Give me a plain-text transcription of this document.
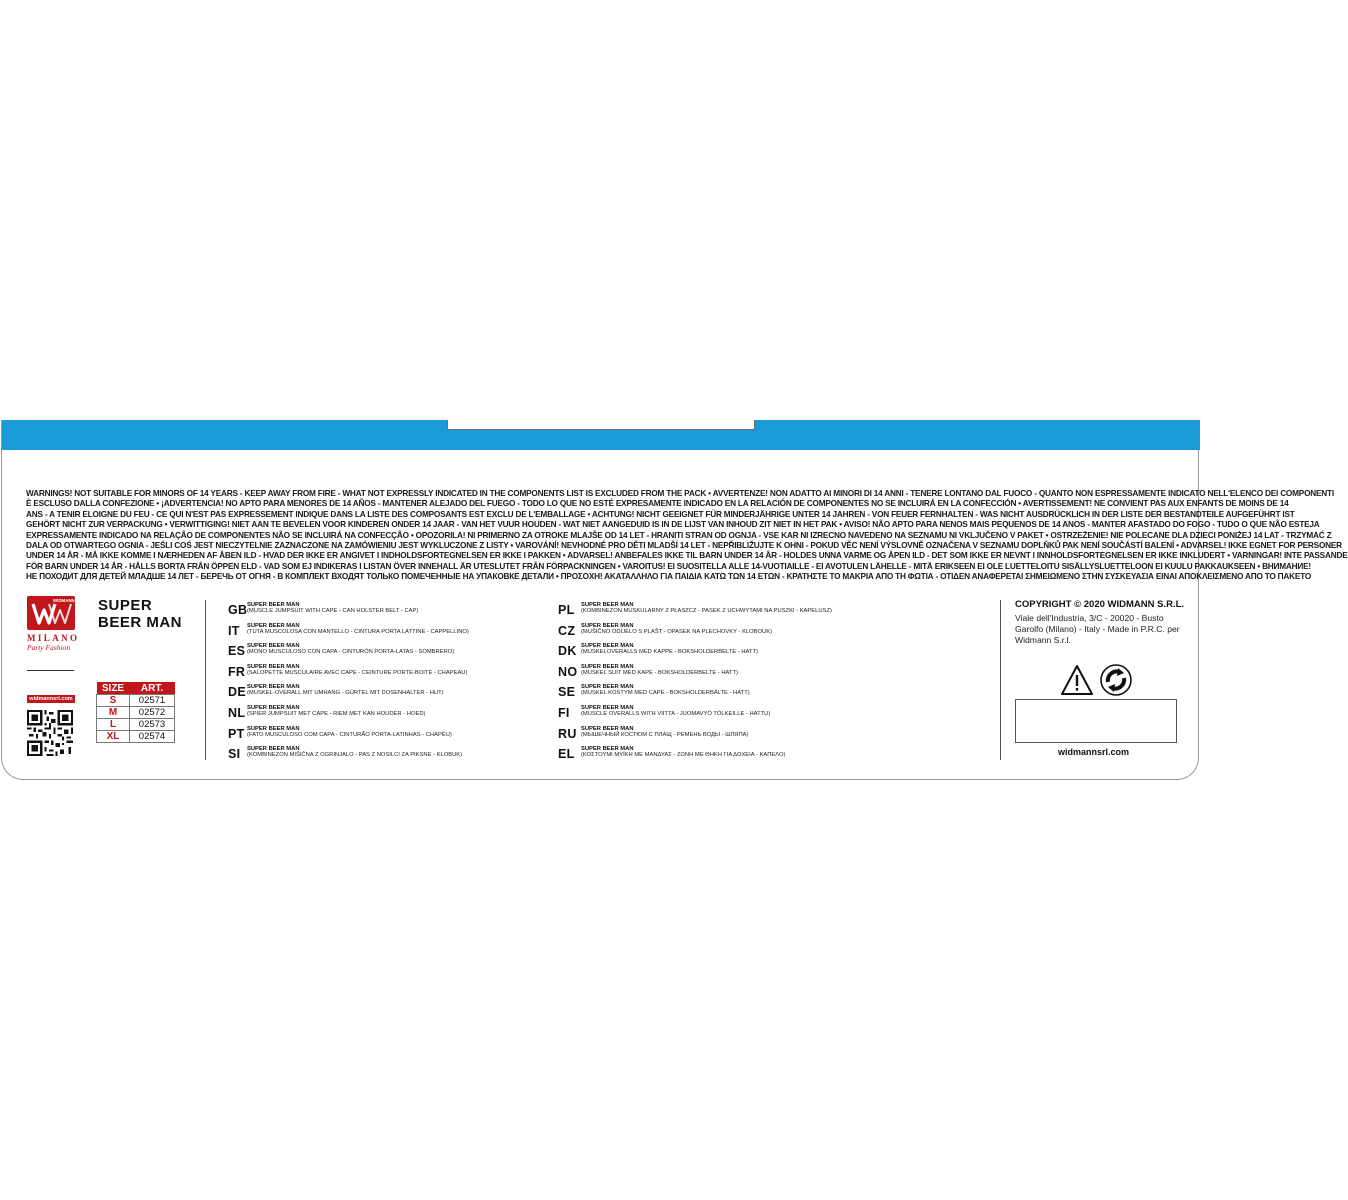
WARNINGS! NOT SUITABLE FOR MINORS OF 14 YEARS - KEEP AWAY FROM FIRE - WHAT NOT EXPRESSLY INDICATED IN THE COMPONENTS LIST IS EXCLUDED FROM THE PACK • AVVERTENZE! NON ADATTO AI MINORI DI 14 ANNI - TENERE LONTANO DAL FUOCO - QUANTO NON ESPRESSAMENTE INDICATO NELL'ELENCO DEI COMPONENTI
È ESCLUSO DALLA CONFEZIONE • ¡ADVERTENCIA! NO APTO PARA MENORES DE 14 AÑOS - MANTENER ALEJADO DEL FUEGO - TODO LO QUE NO ESTÉ EXPRESAMENTE INDICADO EN LA RELACIÓN DE COMPONENTES NO SE INCLUIRÁ EN LA CONFECCIÓN • AVERTISSEMENT! NE CONVIENT PAS AUX ENFANTS DE MOINS DE 14
ANS - A TENIR ELOIGNE DU FEU - CE QUI N'EST PAS EXPRESSEMENT INDIQUE DANS LA LISTE DES COMPOSANTS EST EXCLU DE L'EMBALLAGE • ACHTUNG! NICHT GEEIGNET FÜR MINDERJÄHRIGE UNTER 14 JAHREN - VON FEUER FERNHALTEN - WAS NICHT AUSDRÜCKLICH IN DER LISTE DER BESTANDTEILE AUFGEFÜHRT IST
GEHÖRT NICHT ZUR VERPACKUNG • VERWITTIGING! NIET AAN TE BEVELEN VOOR KINDEREN ONDER 14 JAAR - VAN HET VUUR HOUDEN - WAT NIET AANGEDUID IS IN DE LIJST VAN INHOUD ZIT NIET IN HET PAK • AVISO! NÃO APTO PARA NENOS MAIS PEQUENOS DE 14 ANOS - MANTER AFASTADO DO FOGO - TUDO O QUE NÃO ESTEJA
EXPRESSAMENTE INDICADO NA RELAÇÃO DE COMPONENTES NÃO SE INCLUIRÁ NA CONFECÇÃO • OPOZORILA! NI PRIMERNO ZA OTROKE MLAJŠE OD 14 LET - HRANITI STRAN OD OGNJA - VSE KAR NI IZRECNO NAVEDENO NA SEZNAMU NI VKLJUČENO V PAKET • OSTRZEŻENIE! NIE POLECANE DLA DZIECI PONIŻEJ 14 LAT - TRZYMAĆ Z
DALA OD OTWARTEGO OGNIA - JEŚLI COŚ JEST NIECZYTELNIE ZAZNACZONE NA ZAMÓWIENIU JEST WYKLUCZONE Z LISTY • VAROVÁNÍ! NEVHODNÉ PRO DĚTI MLADŠÍ 14 LET - NEPŘIBLIŽUJTE K OHNI - POKUD VĚC NENÍ VÝSLOVNĚ OZNAČENA V SEZNAMU DOPLŇKŮ PAK NENÍ SOUČÁSTÍ BALENÍ • ADVARSEL! IKKE EGNET FOR PERSONER
UNDER 14 ÅR - MÅ IKKE KOMME I NÆRHEDEN AF ÅBEN ILD - HVAD DER IKKE ER ANGIVET I INDHOLDSFORTEGNELSEN ER IKKE I PAKKEN • ADVARSEL! ANBEFALES IKKE TIL BARN UNDER 14 ÅR - HOLDES UNNA VARME OG ÅPEN ILD - DET SOM IKKE ER NEVNT I INNHOLDSFORTEGNELSEN ER IKKE INKLUDERT • VARNINGAR! INTE PASSANDE
FÖR BARN UNDER 14 ÅR - HÅLLS BORTA FRÅN ÖPPEN ELD - VAD SOM EJ INDIKERAS I LISTAN ÖVER INNEHALL ÄR UTESLUTET FRÅN FÖRPACKNINGEN • VAROITUS! EI SUOSITELLA ALLE 14-VUOTIAILLE - EI AVOTULEN LÄHELLE - MITÄ ERIKSEEN EI OLE LUETTELOITU SISÄLLYSLUETTELOON EI KUULU PAKKAUKSEEN • ВНИМАНИЕ!
НЕ ПОХОДИТ ДЛЯ ДЕТЕЙ МЛАДШЕ 14 ЛЕТ - БЕРЕЧЬ ОТ ОГНЯ - В КОМПЛЕКТ ВХОДЯТ ТОЛЬКО ПОМЕЧЕННЫЕ НА УПАКОВКЕ ДЕТАЛИ • ΠΡΟΣΟΧΗ! ΑΚΑΤΑΛΛΗΛΟ ΓΙΑ ΠΑΙΔΙΑ ΚΑΤΩ ΤΩΝ 14 ΕΤΩΝ - ΚΡΑΤΗΣΤΕ ΤΟ ΜΑΚΡΙΑ ΑΠΟ ΤΗ ΦΩΤΙΑ - ΟΤΙΔΕΝ ΑΝΑΦΕΡΕΤΑΙ ΣΗΜΕΙΩΜΕΝΟ ΣΤΗΝ ΣΥΣΚΕΥΑΣΙΑ ΕΙΝΑΙ ΑΠΟΚΛΕΙΣΜΕΝΟ ΑΠΟ ΤΟ ΠΑΚΕΤΟ
WIDMANN
MILANO
Party Fashion
widmannsrl.com
SUPER
BEER MAN
SIZE	ART.
S	02571
M	02572
L	02573
XL	02574
GB SUPER BEER MAN
(MUSCLE JUMPSUIT WITH CAPE - CAN HOLSTER BELT - CAP)
IT SUPER BEER MAN
(TUTA MUSCOLOSA CON MANTELLO - CINTURA PORTA LATTINE - CAPPELLINO)
ES SUPER BEER MAN
(MONO MUSCULOSO CON CAPA - CINTURÓN PORTA-LATAS - SOMBRERO)
FR SUPER BEER MAN
(SALOPETTE MUSCULAIRE AVEC CAPE - CEINTURE PORTE-BOITE - CHAPEAU)
DE SUPER BEER MAN
(MUSKEL-OVERALL MIT UMHANG - GÜRTEL MIT DOSENHALTER - HUT)
NL SUPER BEER MAN
(SPIER JUMPSUIT MET CAPE - RIEM MET KAN HOUDER - HOED)
PT SUPER BEER MAN
(FATO MUSCULOSO COM CAPA - CINTURÃO PORTA-LATINHAS - CHAPÉU)
SI SUPER BEER MAN
(KOMBINEZON MIŠIČNA Z OGRINJALO - PAS Z NOSILCI ZA PIKSNE - KLOBUK)
PL SUPER BEER MAN
(KOMBINEZON MUSKULARNY Z PŁASZCZ - PASEK Z UCHWYTAMI NA PUSZKI - KAPELUSZ)
CZ SUPER BEER MAN
(MUŠIČNO ODIJELO S PLAŠT - OPASEK NA PLECHOVKY - KLOBOUK)
DK SUPER BEER MAN
(MUSKELOVERALLS MED KAPPE - BOKSHOLDERBELTE - HATT)
NO SUPER BEER MAN
(MUSKEL SUIT MED KAPE - BOKSHOLDERBELTE - HATT)
SE SUPER BEER MAN
(MUSKEL KOSTYM MED CAPE - BOKSHOLDERBÄLTE - HATT)
FI SUPER BEER MAN
(MUSCLE OVERALLS WITH VIITTA - JUOMAVYÖ TÖLKEILLE - HATTU)
RU SUPER BEER MAN
(МЫШЕЧНЫЙ КОСТЮМ С ПЛАЩ - РЕМЕНЬ ВОДЫ - ШЛЯПА)
EL SUPER BEER MAN
(ΚΟΣΤΟΥΜΙ ΜΥΪΚΗ ΜΕ ΜΑΝΔΥΑΣ - ΖΩΝΗ ΜΕ ΘΗΚΗ ΓΙΑ ΔΟΧΕΙΑ - ΚΑΠΕΛΟ)
COPYRIGHT © 2020 WIDMANN S.R.L.
Viale dell'Industria, 3/C - 20020 - Busto Garolfo (Milano) - Italy - Made in P.R.C. per Widmann S.r.l.
widmannsrl.com
